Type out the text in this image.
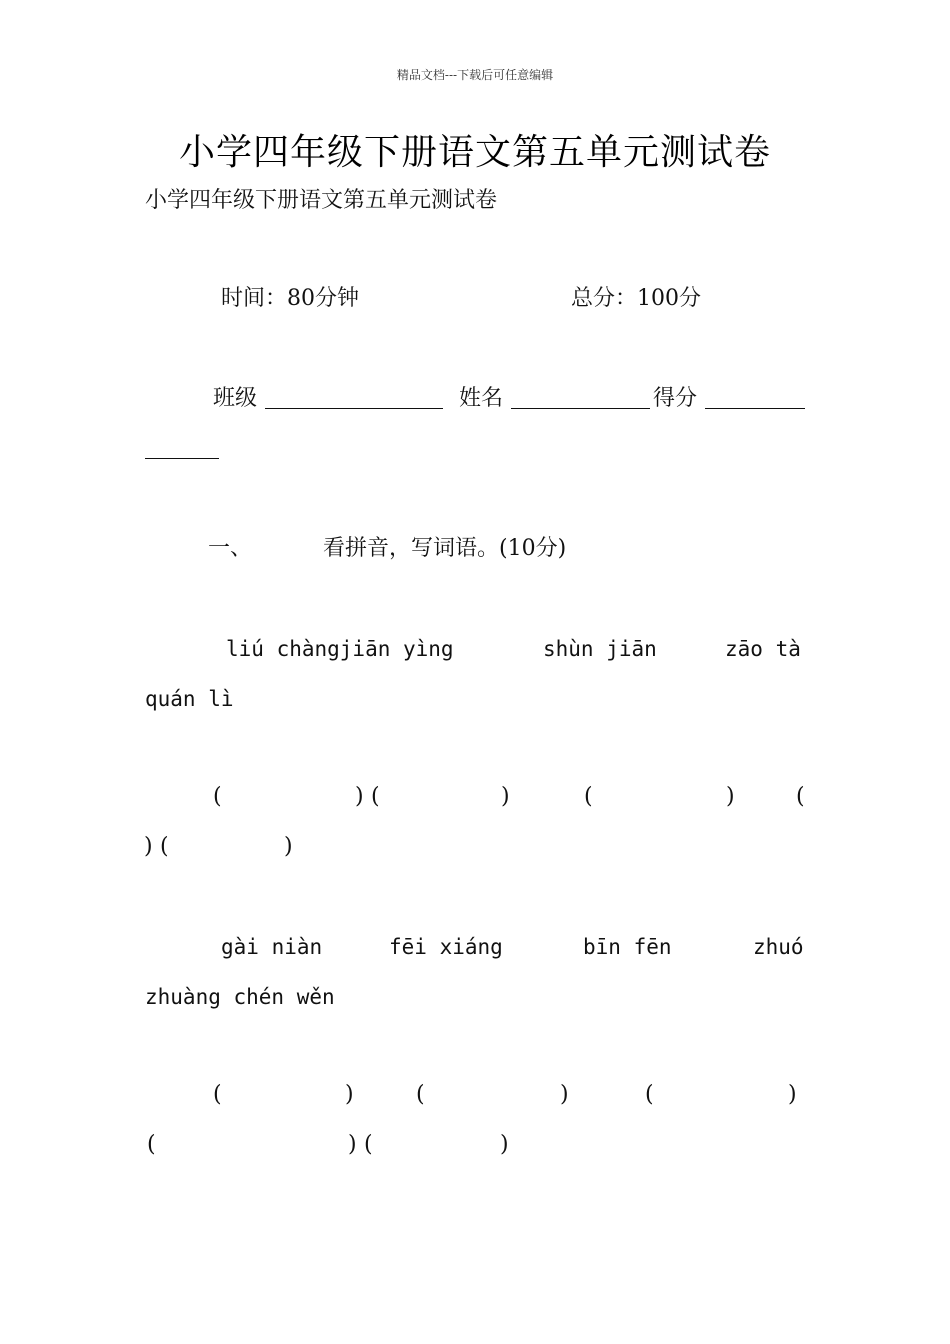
精品文档---下载后可任意编辑
小学四年级下册语文第五单元测试卷
小学四年级下册语文第五单元测试卷
时间：80分钟	总分：100分
班级	姓名	得分
一、	看拼音，写词语。(10分)
liú chàngjiān yìng	shùn jiān	zāo tà
quán lì
(	) (	)	(	)	(
) (	)
gài niàn	fēi xiáng	bīn fēn	zhuó
zhuàng chén wěn
(	)	(	)	(	)
(	) (	)
